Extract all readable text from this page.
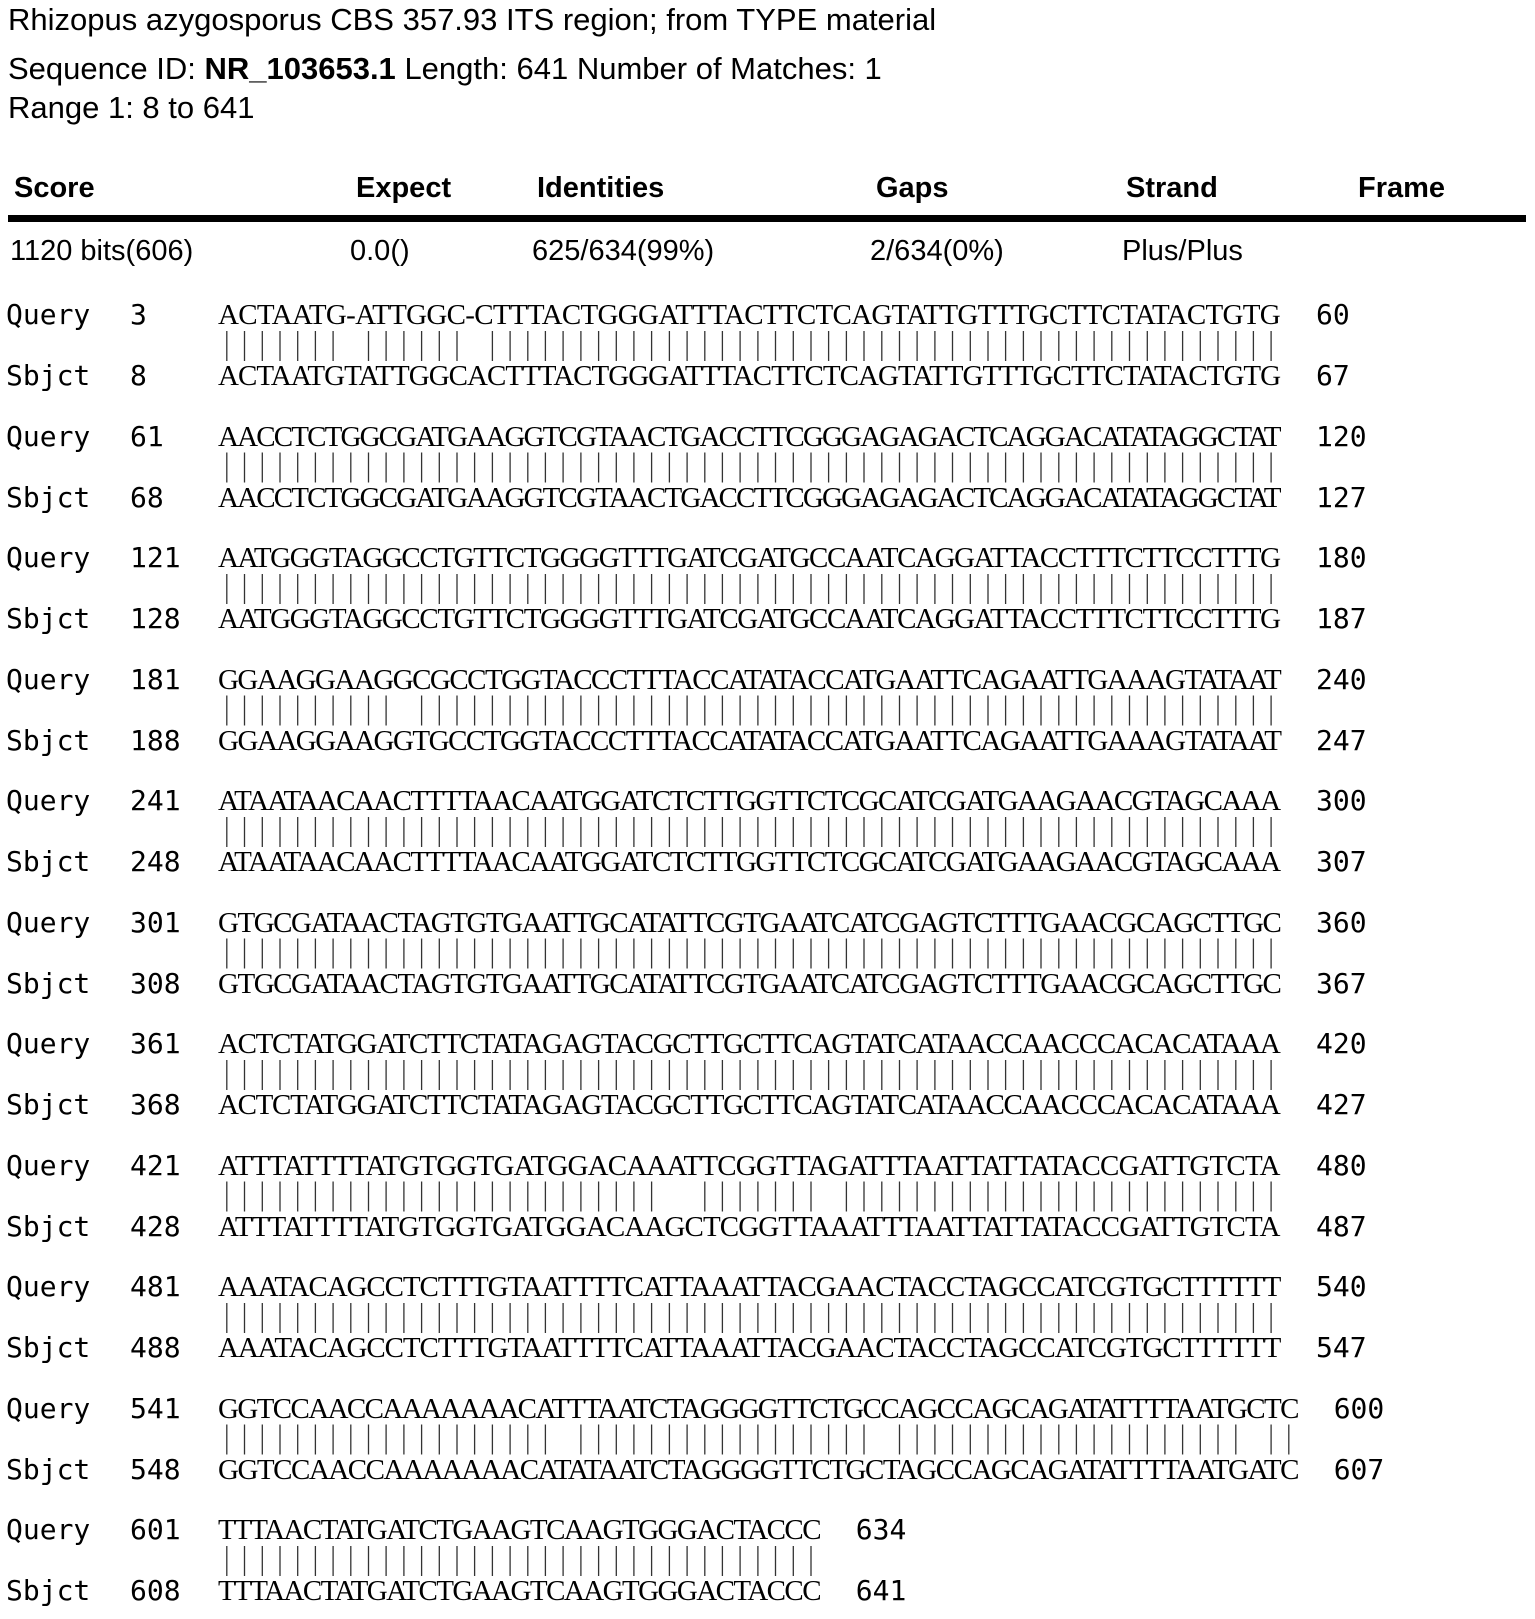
Rhizopus azygosporus CBS 357.93 ITS region; from TYPE material
Sequence ID: NR_103653.1 Length: 641 Number of Matches: 1
Range 1: 8 to 641
Score	Expect	Identities	Gaps	Strand	Frame
1120 bits(606)	0.0()	625/634(99%)	2/634(0%)	Plus/Plus
Query 3 ACTAATG-ATTGGC-CTTTACTGGGATTTACTTCTCAGTATTGTTTGCTTCTATACTGTG 60
Sbjct 8 ACTAATGTATTGGCACTTTACTGGGATTTACTTCTCAGTATTGTTTGCTTCTATACTGTG 67
Query 61 AACCTCTGGCGATGAAGGTCGTAACTGACCTTCGGGAGAGACTCAGGACATATAGGCTAT 120
Sbjct 68 AACCTCTGGCGATGAAGGTCGTAACTGACCTTCGGGAGAGACTCAGGACATATAGGCTAT 127
Query 121 AATGGGTAGGCCTGTTCTGGGGTTTGATCGATGCCAATCAGGATTACCTTTCTTCCTTTG 180
Sbjct 128 AATGGGTAGGCCTGTTCTGGGGTTTGATCGATGCCAATCAGGATTACCTTTCTTCCTTTG 187
Query 181 GGAAGGAAGGCGCCTGGTACCCTTTACCATATACCATGAATTCAGAATTGAAAGTATAAT 240
Sbjct 188 GGAAGGAAGGTGCCTGGTACCCTTTACCATATACCATGAATTCAGAATTGAAAGTATAAT 247
Query 241 ATAATAACAACTTTTAACAATGGATCTCTTGGTTCTCGCATCGATGAAGAACGTAGCAAA 300
Sbjct 248 ATAATAACAACTTTTAACAATGGATCTCTTGGTTCTCGCATCGATGAAGAACGTAGCAAA 307
Query 301 GTGCGATAACTAGTGTGAATTGCATATTCGTGAATCATCGAGTCTTTGAACGCAGCTTGC 360
Sbjct 308 GTGCGATAACTAGTGTGAATTGCATATTCGTGAATCATCGAGTCTTTGAACGCAGCTTGC 367
Query 361 ACTCTATGGATCTTCTATAGAGTACGCTTGCTTCAGTATCATAACCAACCCACACATAAA 420
Sbjct 368 ACTCTATGGATCTTCTATAGAGTACGCTTGCTTCAGTATCATAACCAACCCACACATAAA 427
Query 421 ATTTATTTTATGTGGTGATGGACAAATTCGGTTAGATTTAATTATTATACCGATTGTCTA 480
Sbjct 428 ATTTATTTTATGTGGTGATGGACAAGCTCGGTTAAATTTAATTATTATACCGATTGTCTA 487
Query 481 AAATACAGCCTCTTTGTAATTTTCATTAAATTACGAACTACCTAGCCATCGTGCTTTTTT 540
Sbjct 488 AAATACAGCCTCTTTGTAATTTTCATTAAATTACGAACTACCTAGCCATCGTGCTTTTTT 547
Query 541 GGTCCAACCAAAAAAACATTTAATCTAGGGGTTCTGCCAGCCAGCAGATATTTTAATGCTC 600
Sbjct 548 GGTCCAACCAAAAAAACATATAATCTAGGGGTTCTGCTAGCCAGCAGATATTTTAATGATC 607
Query 601 TTTAACTATGATCTGAAGTCAAGTGGGACTACCC 634
Sbjct 608 TTTAACTATGATCTGAAGTCAAGTGGGACTACCC 641
